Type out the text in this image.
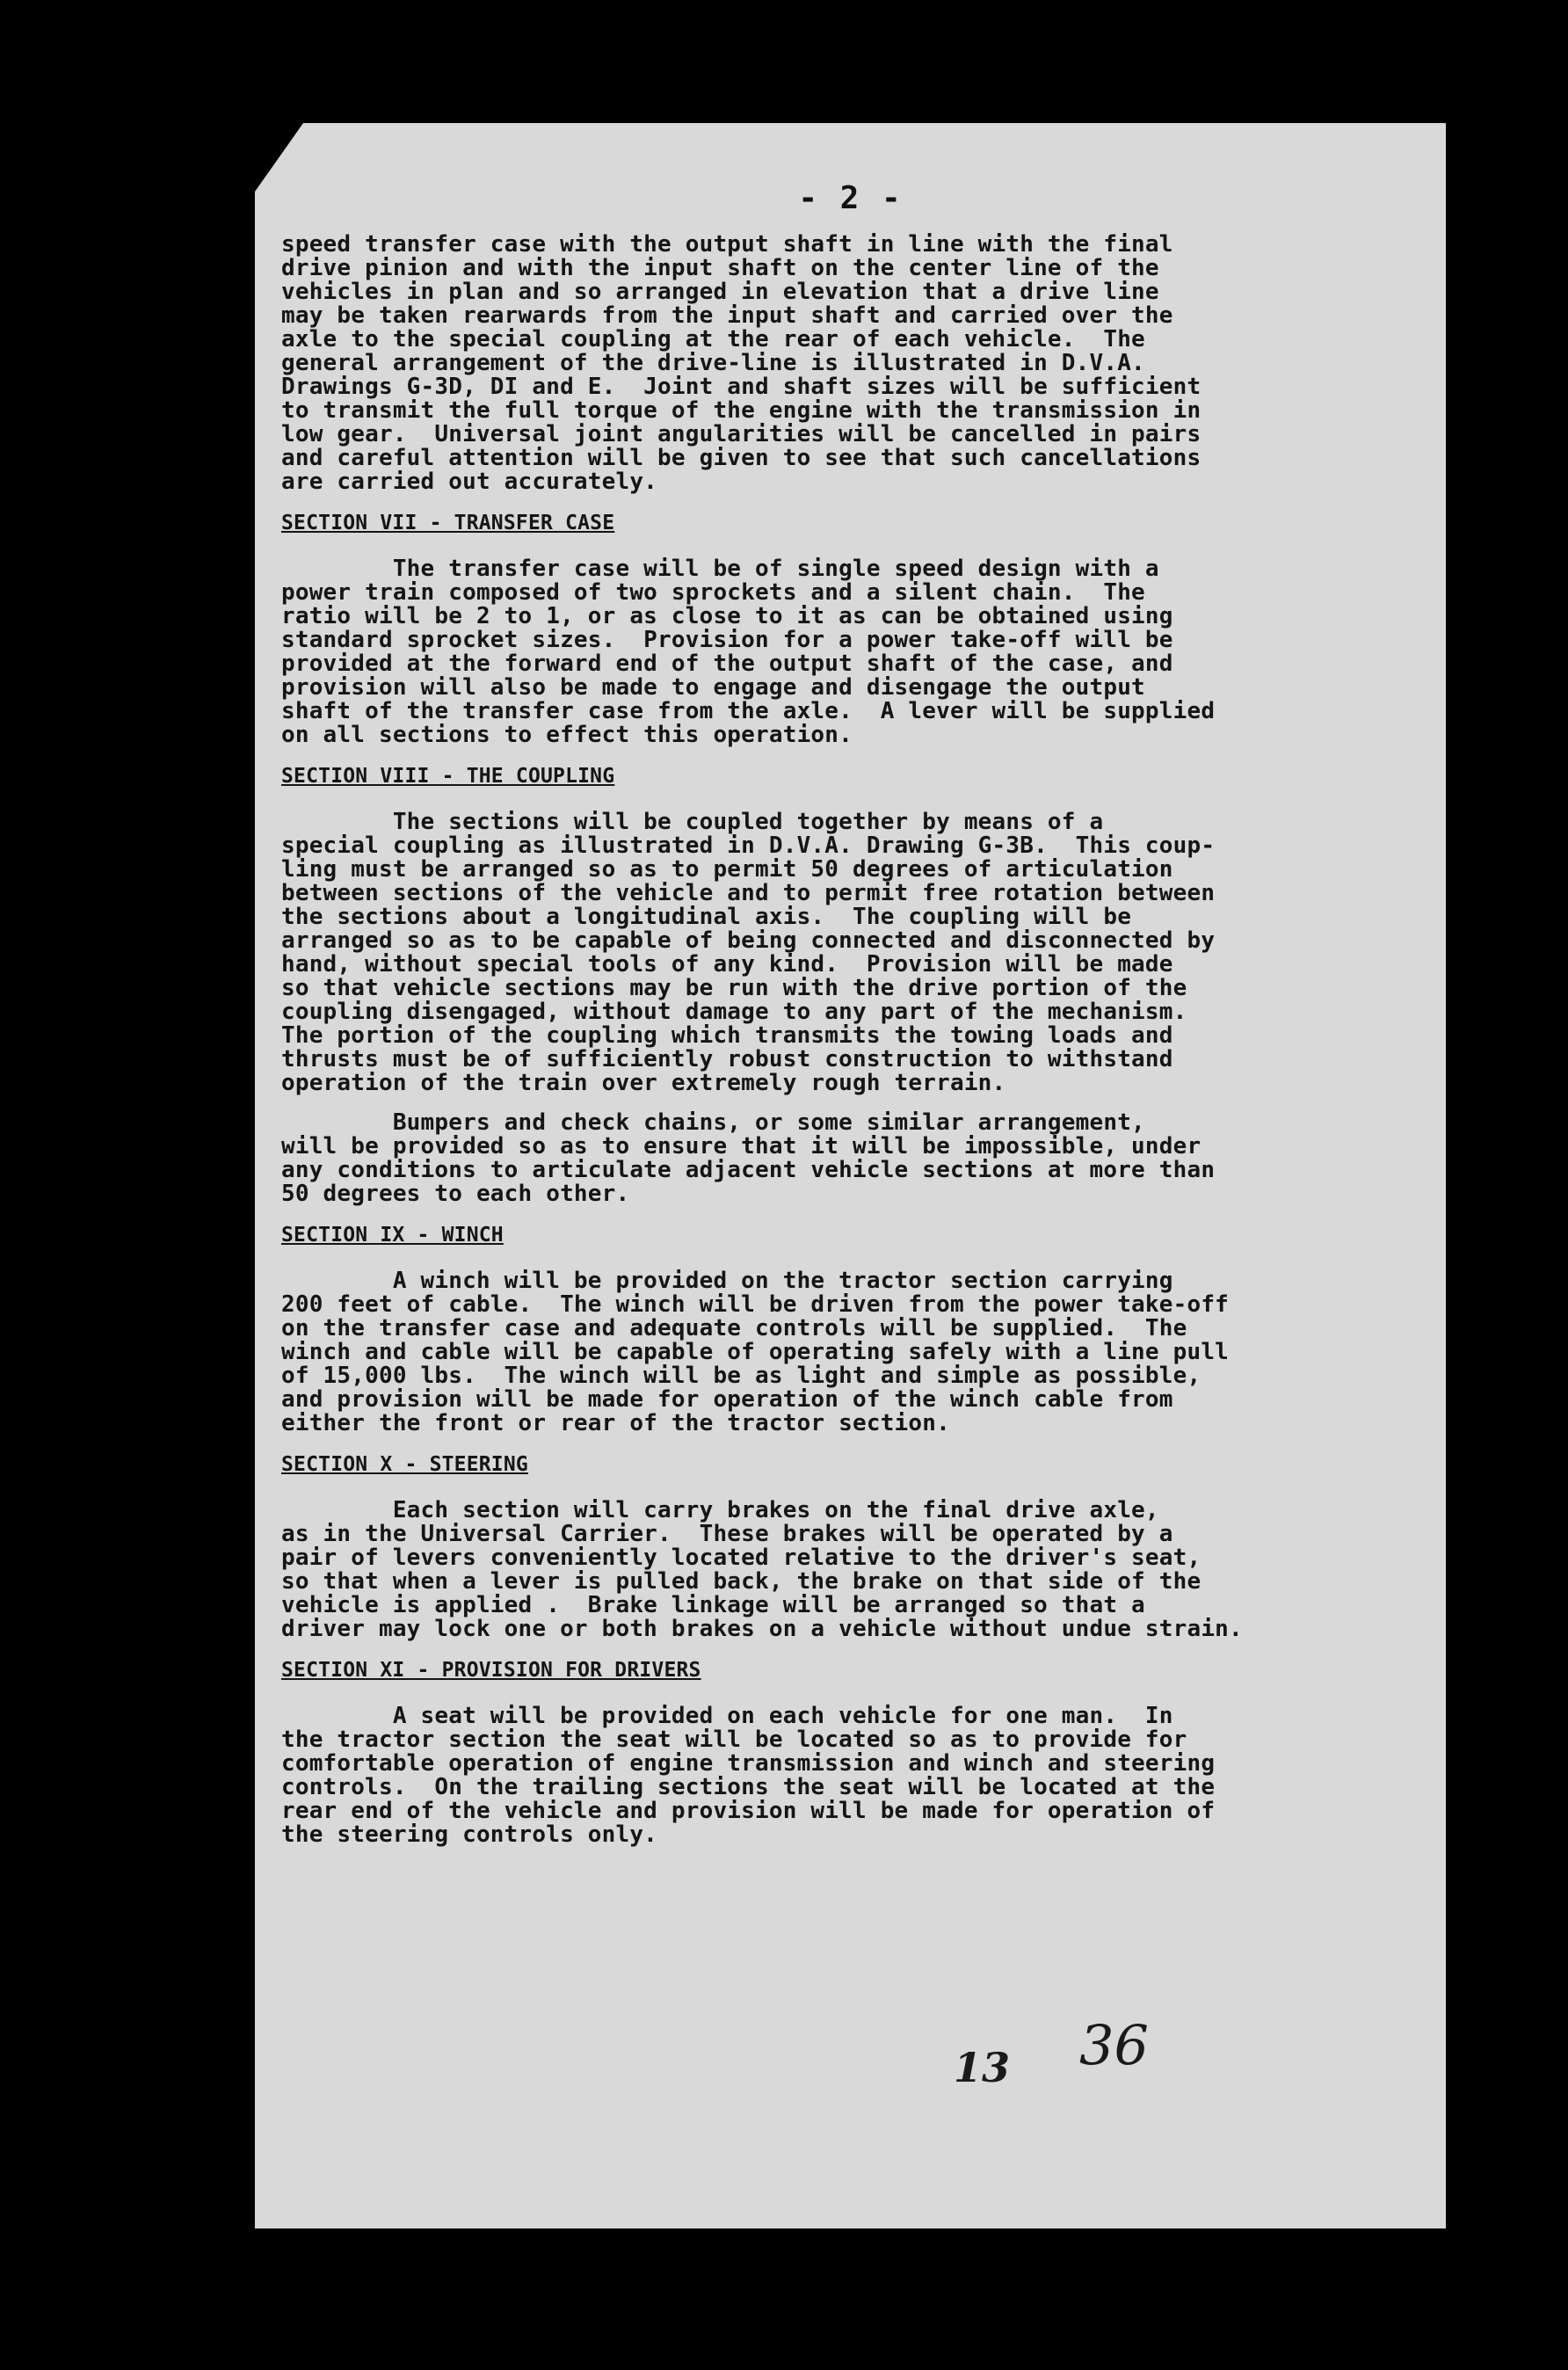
- 2 -
speed transfer case with the output shaft in line with the final
drive pinion and with the input shaft on the center line of the
vehicles in plan and so arranged in elevation that a drive line
may be taken rearwards from the input shaft and carried over the
axle to the special coupling at the rear of each vehicle.  The
general arrangement of the drive-line is illustrated in D.V.A.
Drawings G-3D, DI and E.  Joint and shaft sizes will be sufficient
to transmit the full torque of the engine with the transmission in
low gear.  Universal joint angularities will be cancelled in pairs
and careful attention will be given to see that such cancellations
are carried out accurately.
SECTION VII - TRANSFER CASE
The transfer case will be of single speed design with a
power train composed of two sprockets and a silent chain.  The
ratio will be 2 to 1, or as close to it as can be obtained using
standard sprocket sizes.  Provision for a power take-off will be
provided at the forward end of the output shaft of the case, and
provision will also be made to engage and disengage the output
shaft of the transfer case from the axle.  A lever will be supplied
on all sections to effect this operation.
SECTION VIII - THE COUPLING
The sections will be coupled together by means of a
special coupling as illustrated in D.V.A. Drawing G-3B.  This coup-
ling must be arranged so as to permit 50 degrees of articulation
between sections of the vehicle and to permit free rotation between
the sections about a longitudinal axis.  The coupling will be
arranged so as to be capable of being connected and disconnected by
hand, without special tools of any kind.  Provision will be made
so that vehicle sections may be run with the drive portion of the
coupling disengaged, without damage to any part of the mechanism.
The portion of the coupling which transmits the towing loads and
thrusts must be of sufficiently robust construction to withstand
operation of the train over extremely rough terrain.
Bumpers and check chains, or some similar arrangement,
will be provided so as to ensure that it will be impossible, under
any conditions to articulate adjacent vehicle sections at more than
50 degrees to each other.
SECTION IX - WINCH
A winch will be provided on the tractor section carrying
200 feet of cable.  The winch will be driven from the power take-off
on the transfer case and adequate controls will be supplied.  The
winch and cable will be capable of operating safely with a line pull
of 15,000 lbs.  The winch will be as light and simple as possible,
and provision will be made for operation of the winch cable from
either the front or rear of the tractor section.
SECTION X - STEERING
Each section will carry brakes on the final drive axle,
as in the Universal Carrier.  These brakes will be operated by a
pair of levers conveniently located relative to the driver's seat,
so that when a lever is pulled back, the brake on that side of the
vehicle is applied .  Brake linkage will be arranged so that a
driver may lock one or both brakes on a vehicle without undue strain.
SECTION XI - PROVISION FOR DRIVERS
A seat will be provided on each vehicle for one man.  In
the tractor section the seat will be located so as to provide for
comfortable operation of engine transmission and winch and steering
controls.  On the trailing sections the seat will be located at the
rear end of the vehicle and provision will be made for operation of
the steering controls only.
13 36
